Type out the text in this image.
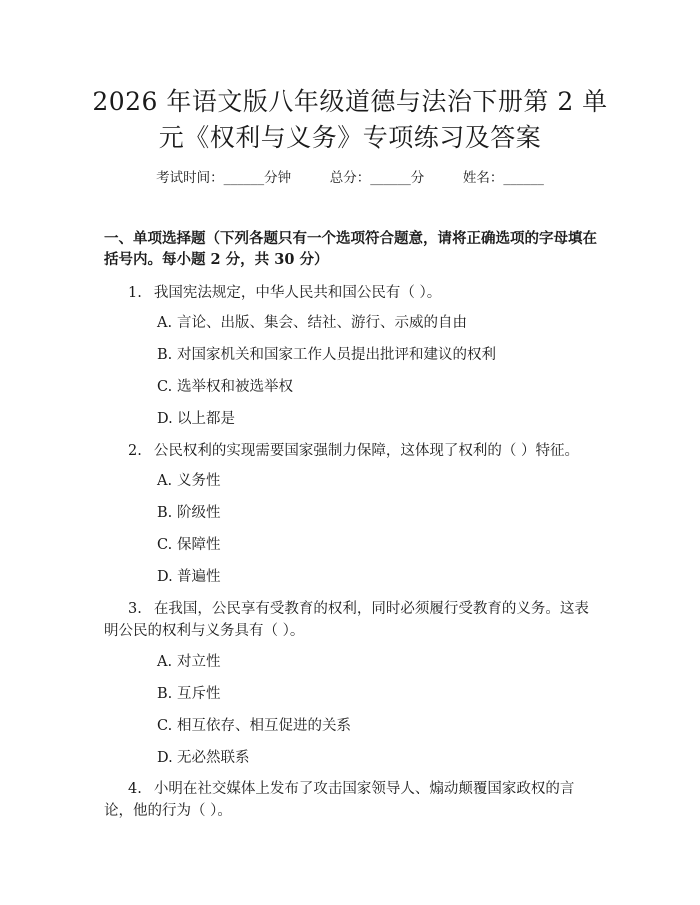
2026 年语文版八年级道德与法治下册第 2 单
元《权利与义务》专项练习及答案
考试时间：______分钟	总分：______分	姓名：______
一、单项选择题（下列各题只有一个选项符合题意，请将正确选项的字母填在括号内。每小题 2 分，共 30 分）
1. 我国宪法规定，中华人民共和国公民有（ ）。
A. 言论、出版、集会、结社、游行、示威的自由
B. 对国家机关和国家工作人员提出批评和建议的权利
C. 选举权和被选举权
D. 以上都是
2. 公民权利的实现需要国家强制力保障，这体现了权利的（ ）特征。
A. 义务性
B. 阶级性
C. 保障性
D. 普遍性
3. 在我国，公民享有受教育的权利，同时必须履行受教育的义务。这表明公民的权利与义务具有（ ）。
A. 对立性
B. 互斥性
C. 相互依存、相互促进的关系
D. 无必然联系
4. 小明在社交媒体上发布了攻击国家领导人、煽动颠覆国家政权的言论，他的行为（ ）。
